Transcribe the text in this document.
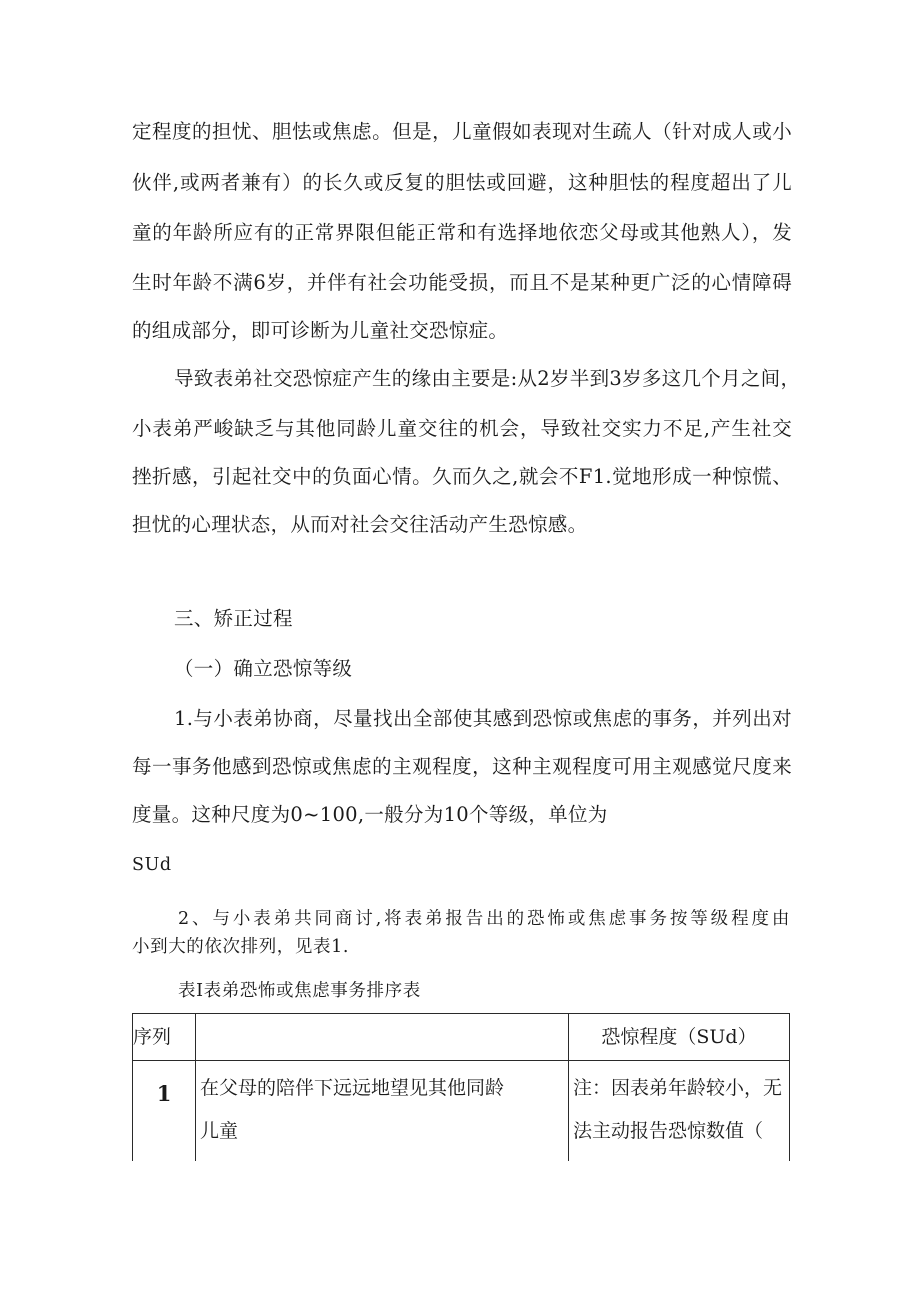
定程度的担忧、胆怯或焦虑。但是，儿童假如表现对生疏人（针对成人或小
伙伴,或两者兼有）的长久或反复的胆怯或回避，这种胆怯的程度超出了儿
童的年龄所应有的正常界限但能正常和有选择地依恋父母或其他熟人），发
生时年龄不满6岁，并伴有社会功能受损，而且不是某种更广泛的心情障碍
的组成部分，即可诊断为儿童社交恐惊症。
导致表弟社交恐惊症产生的缘由主要是:从2岁半到3岁多这几个月之间，
小表弟严峻缺乏与其他同龄儿童交往的机会，导致社交实力不足,产生社交
挫折感，引起社交中的负面心情。久而久之,就会不F1.觉地形成一种惊慌、
担忧的心理状态，从而对社会交往活动产生恐惊感。
三、矫正过程
（一）确立恐惊等级
1.与小表弟协商，尽量找出全部使其感到恐惊或焦虑的事务，并列出对
每一事务他感到恐惊或焦虑的主观程度，这种主观程度可用主观感觉尺度来
度量。这种尺度为0~100,一般分为10个等级，单位为
SUd
2、与小表弟共同商讨,将表弟报告出的恐怖或焦虑事务按等级程度由
小到大的依次排列，见表1.
表I表弟恐怖或焦虑事务排序表
序列		恐惊程度（SUd）

1	在父母的陪伴下远远地望见其他同龄
儿童	注：因表弟年龄较小，无
法主动报告恐惊数值（
